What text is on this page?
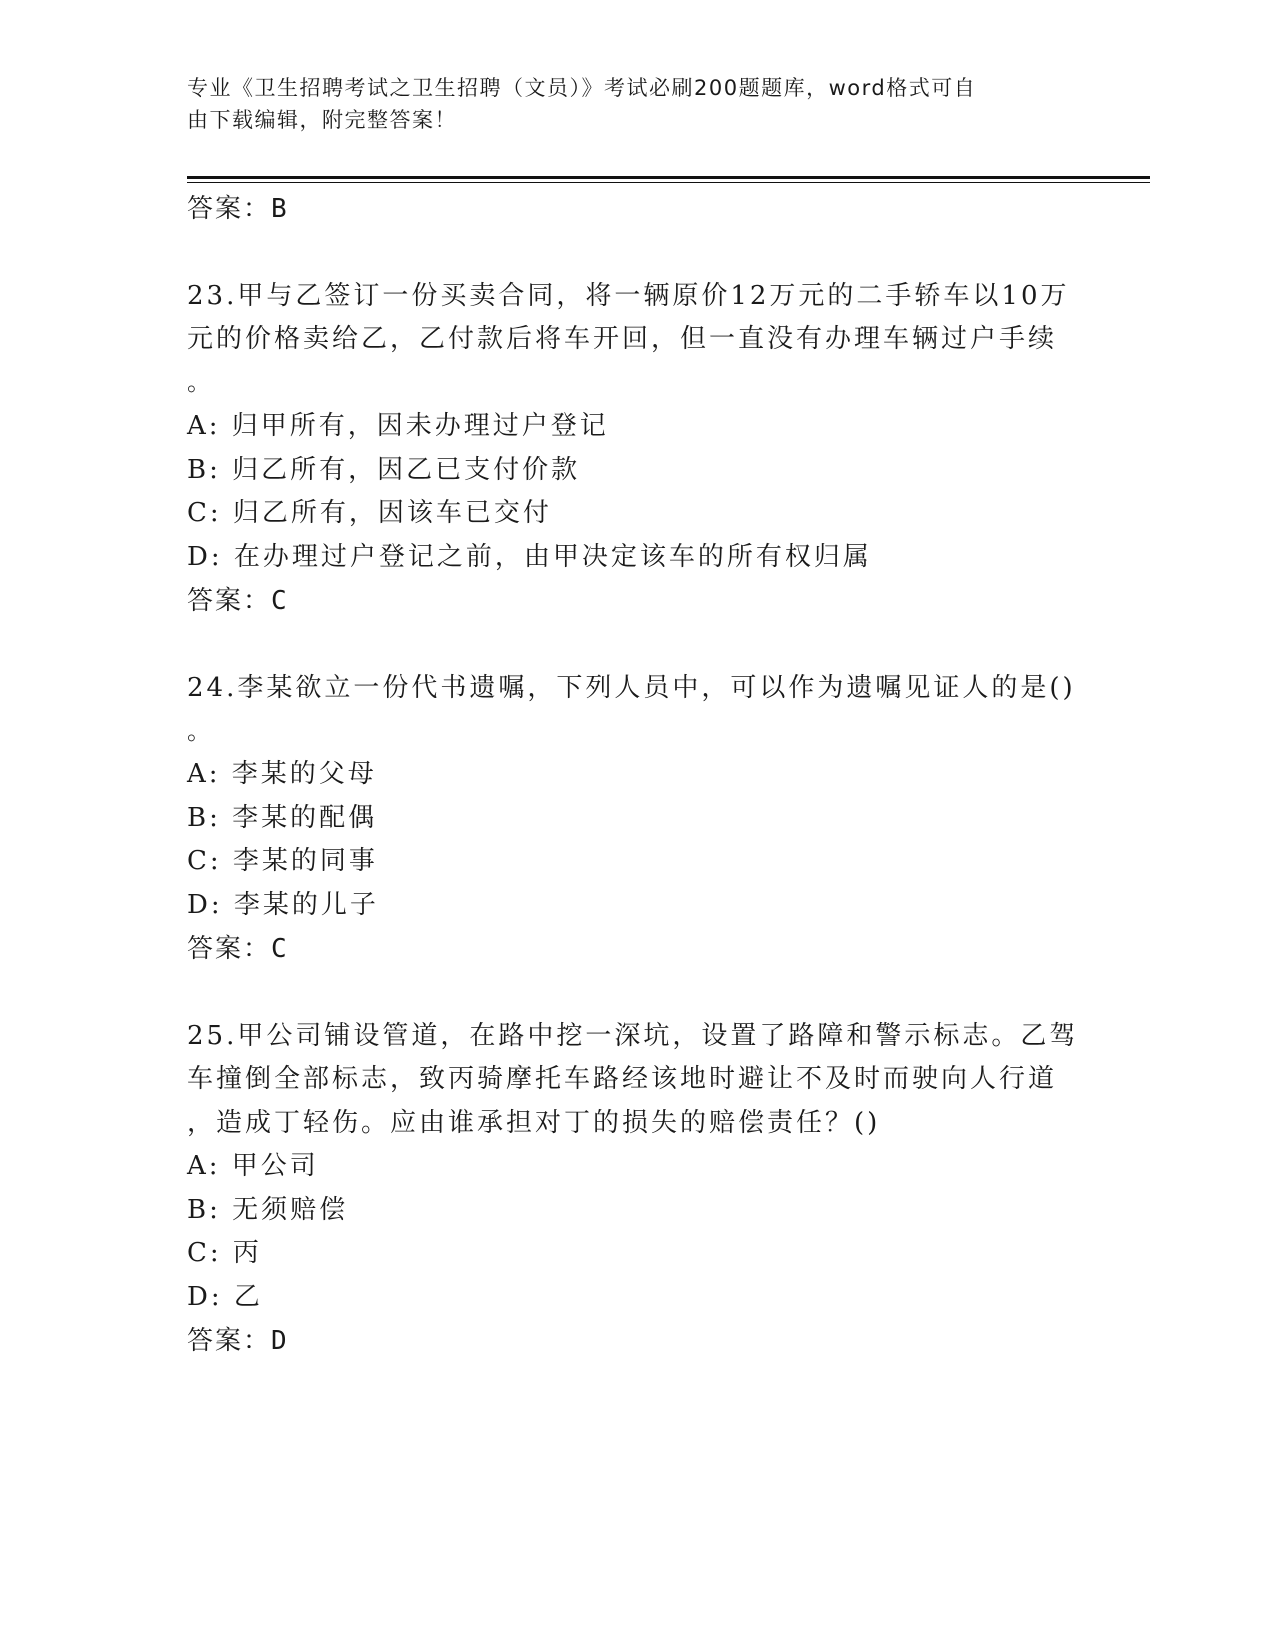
专业《卫生招聘考试之卫生招聘（文员）》考试必刷200题题库，word格式可自
由下载编辑，附完整答案！
答案：B
23.甲与乙签订一份买卖合同，将一辆原价12万元的二手轿车以10万
元的价格卖给乙，乙付款后将车开回，但一直没有办理车辆过户手续
。
A: 归甲所有，因未办理过户登记
B: 归乙所有，因乙已支付价款
C: 归乙所有，因该车已交付
D: 在办理过户登记之前，由甲决定该车的所有权归属
答案：C
24.李某欲立一份代书遗嘱，下列人员中，可以作为遗嘱见证人的是()
。
A: 李某的父母
B: 李某的配偶
C: 李某的同事
D: 李某的儿子
答案：C
25.甲公司铺设管道，在路中挖一深坑，设置了路障和警示标志。乙驾
车撞倒全部标志，致丙骑摩托车路经该地时避让不及时而驶向人行道
，造成丁轻伤。应由谁承担对丁的损失的赔偿责任？()
A: 甲公司
B: 无须赔偿
C: 丙
D: 乙
答案：D
